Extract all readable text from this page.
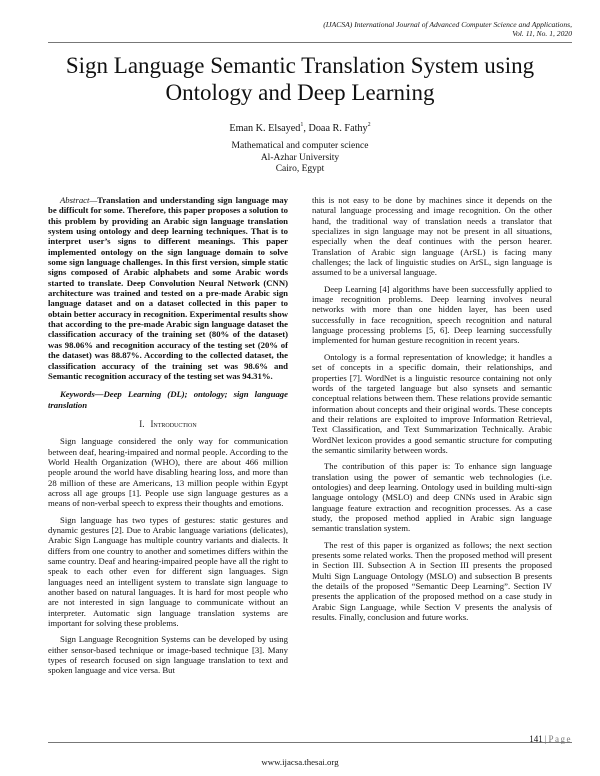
(IJACSA) International Journal of Advanced Computer Science and Applications,
Vol. 11, No. 1, 2020
Sign Language Semantic Translation System using
Ontology and Deep Learning
Eman K. Elsayed$^1$, Doaa R. Fathy$^2$
Mathematical and computer science
Al-Azhar University
Cairo, Egypt

Abstract—Translation and understanding sign language may be difficult for some. Therefore, this paper proposes a solution to this problem by providing an Arabic sign language translation system using ontology and deep learning techniques. That is to interpret user’s signs to different meanings. This paper implemented ontology on the sign language domain to solve some sign language challenges. In this first version, simple static signs composed of Arabic alphabets and some Arabic words started to translate. Deep Convolution Neural Network (CNN) architecture was trained and tested on a pre-made Arabic sign language dataset and on a dataset collected in this paper to obtain better accuracy in recognition. Experimental results show that according to the pre-made Arabic sign language dataset the classification accuracy of the training set (80% of the dataset) was 98.06% and recognition accuracy of the testing set (20% of the dataset) was 88.87%. According to the collected dataset, the classification accuracy of the training set was 98.6% and Semantic recognition accuracy of the testing set was 94.31%.

Keywords—Deep Learning (DL); ontology; sign language translation

I. Introduction

Sign language considered the only way for communication between deaf, hearing-impaired and normal people. According to the World Health Organization (WHO), there are about 466 million people around the world have disabling hearing loss, and more than 28 million of these are Americans, 13 million people within Egypt across all age groups [1]. People use sign language gestures as a means of non-verbal speech to express their thoughts and emotions.

Sign language has two types of gestures: static gestures and dynamic gestures [2]. Due to Arabic language variations (delicates), Arabic Sign Language has multiple country variants and dialects. It differs from one country to another and sometimes differs within the same country. Deaf and hearing-impaired people have all the right to speak to each other even for different sign languages. Sign languages need an intelligent system to translate sign language to another based on natural languages. It is hard for most people who are not interested in sign language to communicate without an interpreter. Automatic sign language translation systems are important for solving these problems.

Sign Language Recognition Systems can be developed by using either sensor-based technique or image-based technique [3]. Many types of research focused on sign language translation to text and spoken language and vice versa. But

this is not easy to be done by machines since it depends on the natural language processing and image recognition. On the other hand, the traditional way of translation needs a translator that specializes in sign language may not be present in all situations, especially when the deaf continues with the person hearer. Translation of Arabic sign language (ArSL) is facing many challenges; the lack of linguistic studies on ArSL, sign language is assumed to be a universal language.

Deep Learning [4] algorithms have been successfully applied to image recognition problems. Deep learning involves neural networks with more than one hidden layer, has been used successfully in face recognition, speech recognition and natural language processing problems [5, 6]. Deep learning successfully implemented for human gesture recognition in recent years.

Ontology is a formal representation of knowledge; it handles a set of concepts in a specific domain, their relationships, and properties [7]. WordNet is a linguistic resource containing not only words of the targeted language but also synsets and semantic conceptual relations between them. These relations provide semantic information about concepts and their original words. These concepts and their relations are exploited to improve Information Retrieval, Text Classification, and Text Summarization Technically. Arabic WordNet lexicon provides a good semantic structure for computing the semantic similarity between words.

The contribution of this paper is: To enhance sign language translation using the power of semantic web technologies (i.e. ontologies) and deep learning. Ontology used in building multi-sign language ontology (MSLO) and deep CNNs used in Arabic sign language feature extraction and recognition processes. As a case study, the proposed method applied in Arabic sign language semantic translation system.

The rest of this paper is organized as follows; the next section presents some related works. Then the proposed method will present in Section III. Subsection A in Section III presents the proposed Multi Sign Language Ontology (MSLO) and subsection B presents the details of the proposed “Semantic Deep Learning”. Section IV presents the application of the proposed method on a case study in Arabic Sign Language, while Section V presents the analysis of results. Finally, conclusion and future works.

141 | Page
www.ijacsa.thesai.org
